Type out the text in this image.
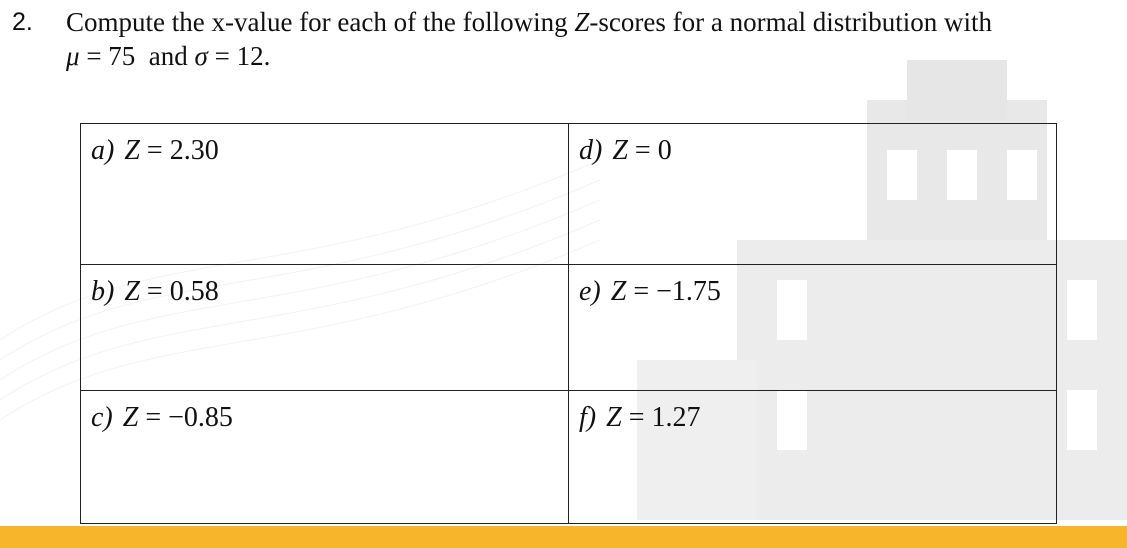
2. Compute the x-value for each of the following Z-scores for a normal distribution with
μ = 75  and σ = 12.
a) Z = 2.30	d) Z = 0
b) Z = 0.58	e) Z = −1.75
c) Z = −0.85	f) Z = 1.27
